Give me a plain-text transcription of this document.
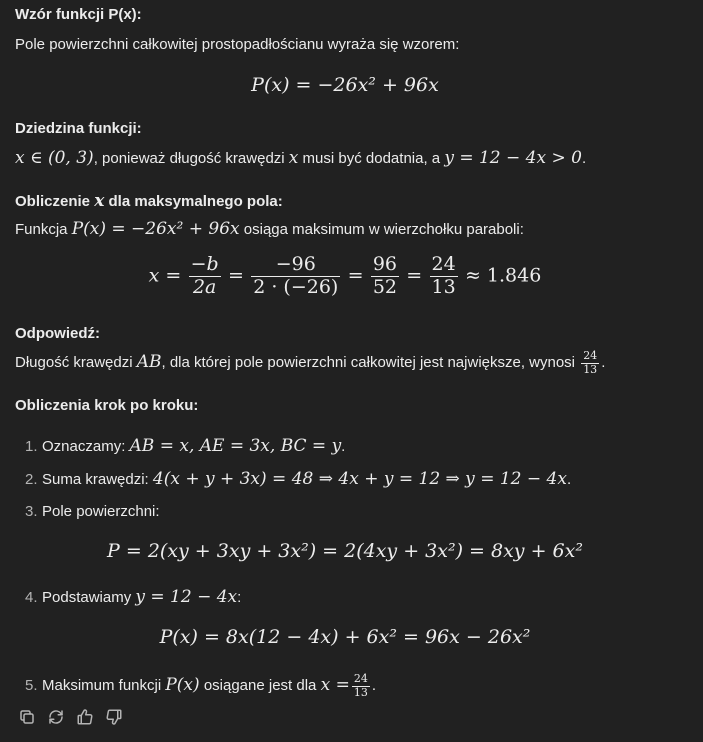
Wzór funkcji P(x):
Pole powierzchni całkowitej prostopadłościanu wyraża się wzorem:
P(x) = −26x² + 96x
Dziedzina funkcji:
x ∈ (0, 3), ponieważ długość krawędzi x musi być dodatnia, a y = 12 − 4x > 0.
Obliczenie x dla maksymalnego pola:
Funkcja P(x) = −26x² + 96x osiąga maksimum w wierzchołku paraboli:
$x = \frac{-b}{2a} = \frac{-96}{2 \cdot (-26)} = \frac{96}{52} = \frac{24}{13} \approx 1.846$
Odpowiedź:
Długość krawędzi AB, dla której pole powierzchni całkowitej jest największe, wynosi $\frac{24}{13}$ .
Obliczenia krok po kroku:
1. Oznaczamy: AB = x, AE = 3x, BC = y.
2. Suma krawędzi: 4(x + y + 3x) = 48 ⇒ 4x + y = 12 ⇒ y = 12 − 4x.
3. Pole powierzchni:
P = 2(xy + 3xy + 3x²) = 2(4xy + 3x²) = 8xy + 6x²
4. Podstawiamy y = 12 − 4x:
P(x) = 8x(12 − 4x) + 6x² = 96x − 26x²
5. Maksimum funkcji P(x) osiągane jest dla $x = \frac{24}{13}$ .
